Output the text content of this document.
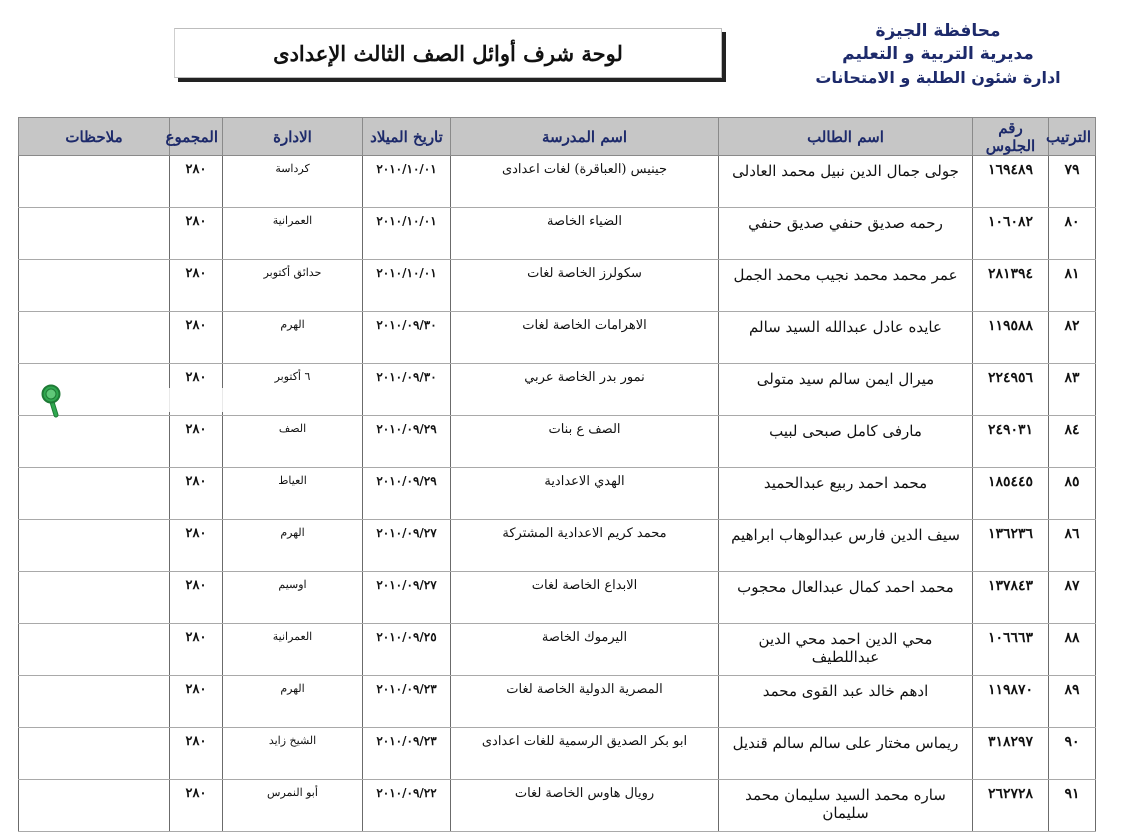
محافظة الجيزة
مديرية التربية و التعليم
ادارة شئون الطلبة و الامتحانات
لوحة شرف أوائل الصف الثالث الإعدادى
الترتيب	رقم الجلوس	اسم الطالب	اسم المدرسة	تاريخ الميلاد	الادارة	المجموع	ملاحظات
٧٩	١٦٩٤٨٩	جولى جمال الدين نبيل محمد العادلى	جينيس (العباقرة) لغات اعدادى	٢٠١٠/١٠/٠١	كرداسة	٢٨٠	
٨٠	١٠٦٠٨٢	رحمه صديق حنفي صديق حنفي	الضياء الخاصة	٢٠١٠/١٠/٠١	العمرانية	٢٨٠	
٨١	٢٨١٣٩٤	عمر محمد محمد نجيب محمد الجمل	سكولرز الخاصة لغات	٢٠١٠/١٠/٠١	حدائق أكتوبر	٢٨٠	
٨٢	١١٩٥٨٨	عايده عادل عبدالله السيد سالم	الاهرامات الخاصة لغات	٢٠١٠/٠٩/٣٠	الهرم	٢٨٠	
٨٣	٢٢٤٩٥٦	ميرال ايمن سالم سيد متولى	نمور بدر الخاصة عربي	٢٠١٠/٠٩/٣٠	٦ أكتوبر	٢٨٠	
٨٤	٢٤٩٠٣١	مارفى كامل صبحى لبيب	الصف ع بنات	٢٠١٠/٠٩/٢٩	الصف	٢٨٠	
٨٥	١٨٥٤٤٥	محمد احمد ربيع عبدالحميد	الهدي الاعدادية	٢٠١٠/٠٩/٢٩	العياط	٢٨٠	
٨٦	١٣٦٢٣٦	سيف الدين فارس عبدالوهاب ابراهيم	محمد كريم الاعدادية المشتركة	٢٠١٠/٠٩/٢٧	الهرم	٢٨٠	
٨٧	١٣٧٨٤٣	محمد احمد كمال عبدالعال محجوب	الابداع الخاصة لغات	٢٠١٠/٠٩/٢٧	اوسيم	٢٨٠	
٨٨	١٠٦٦٦٣	محي الدين احمد محي الدين عبداللطيف	اليرموك الخاصة	٢٠١٠/٠٩/٢٥	العمرانية	٢٨٠	
٨٩	١١٩٨٧٠	ادهم خالد عبد القوى محمد	المصرية الدولية الخاصة لغات	٢٠١٠/٠٩/٢٣	الهرم	٢٨٠	
٩٠	٣١٨٢٩٧	ريماس مختار على سالم سالم قنديل	ابو بكر الصديق الرسمية للغات اعدادى	٢٠١٠/٠٩/٢٣	الشيخ زايد	٢٨٠	
٩١	٢٦٢٧٢٨	ساره محمد السيد سليمان محمد سليمان	رويال هاوس الخاصة لغات	٢٠١٠/٠٩/٢٢	أبو النمرس	٢٨٠	
